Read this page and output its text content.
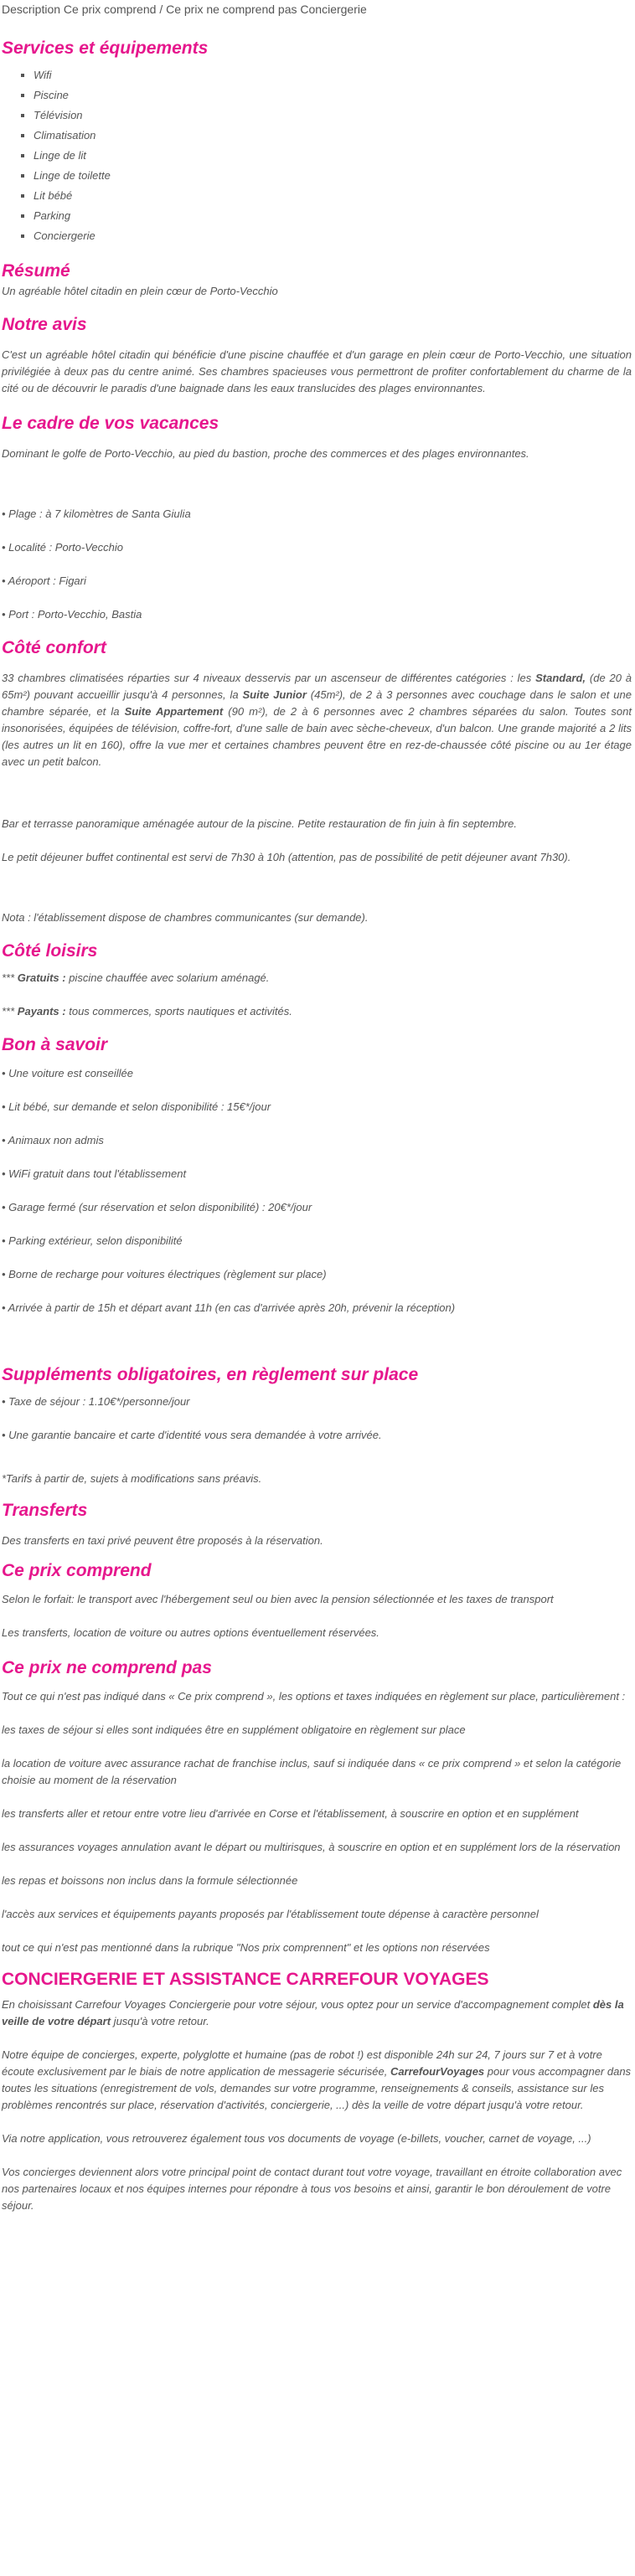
Description Ce prix comprend / Ce prix ne comprend pas Conciergerie
Services et équipements
▪ Wifi
▪ Piscine
▪ Télévision
▪ Climatisation
▪ Linge de lit
▪ Linge de toilette
▪ Lit bébé
▪ Parking
▪ Conciergerie
Résumé

Un agréable hôtel citadin en plein cœur de Porto-Vecchio

Notre avis

C'est un agréable hôtel citadin qui bénéficie d'une piscine chauffée et d'un garage en plein cœur de Porto-Vecchio, une situation privilégiée à deux pas du centre animé. Ses chambres spacieuses vous permettront de profiter confortablement du charme de la cité ou de découvrir le paradis d'une baignade dans les eaux translucides des plages environnantes.

Le cadre de vos vacances

Dominant le golfe de Porto-Vecchio, au pied du bastion, proche des commerces et des plages environnantes.

• Plage : à 7 kilomètres de Santa Giulia

• Localité : Porto-Vecchio

• Aéroport : Figari

• Port : Porto-Vecchio, Bastia

Côté confort

33 chambres climatisées réparties sur 4 niveaux desservis par un ascenseur de différentes catégories : les Standard, (de 20 à 65m²) pouvant accueillir jusqu'à 4 personnes, la Suite Junior (45m²), de 2 à 3 personnes avec couchage dans le salon et une chambre séparée, et la Suite Appartement (90 m²), de 2 à 6 personnes avec 2 chambres séparées du salon. Toutes sont insonorisées, équipées de télévision, coffre-fort, d'une salle de bain avec sèche-cheveux, d'un balcon. Une grande majorité a 2 lits (les autres un lit en 160), offre la vue mer et certaines chambres peuvent être en rez-de-chaussée côté piscine ou au 1er étage avec un petit balcon.

Bar et terrasse panoramique aménagée autour de la piscine. Petite restauration de fin juin à fin septembre.

Le petit déjeuner buffet continental est servi de 7h30 à 10h (attention, pas de possibilité de petit déjeuner avant 7h30).

Nota : l'établissement dispose de chambres communicantes (sur demande).

Côté loisirs

*** Gratuits : piscine chauffée avec solarium aménagé.

*** Payants : tous commerces, sports nautiques et activités.

Bon à savoir

• Une voiture est conseillée

• Lit bébé, sur demande et selon disponibilité : 15€*/jour

• Animaux non admis

• WiFi gratuit dans tout l'établissement

• Garage fermé (sur réservation et selon disponibilité) : 20€*/jour

• Parking extérieur, selon disponibilité

• Borne de recharge pour voitures électriques (règlement sur place)

• Arrivée à partir de 15h et départ avant 11h (en cas d'arrivée après 20h, prévenir la réception)

Suppléments obligatoires, en règlement sur place

• Taxe de séjour : 1.10€*/personne/jour

• Une garantie bancaire et carte d'identité vous sera demandée à votre arrivée.

*Tarifs à partir de, sujets à modifications sans préavis.

Transferts

Des transferts en taxi privé peuvent être proposés à la réservation.

Ce prix comprend

Selon le forfait: le transport avec l'hébergement seul ou bien avec la pension sélectionnée et les taxes de transport

Les transferts, location de voiture ou autres options éventuellement réservées.

Ce prix ne comprend pas

Tout ce qui n'est pas indiqué dans « Ce prix comprend », les options et taxes indiquées en règlement sur place, particulièrement :

les taxes de séjour si elles sont indiquées être en supplément obligatoire en règlement sur place

la location de voiture avec assurance rachat de franchise inclus, sauf si indiquée dans « ce prix comprend » et selon la catégorie choisie au moment de la réservation

les transferts aller et retour entre votre lieu d'arrivée en Corse et l'établissement, à souscrire en option et en supplément

les assurances voyages annulation avant le départ ou multirisques, à souscrire en option et en supplément lors de la réservation

les repas et boissons non inclus dans la formule sélectionnée

l'accès aux services et équipements payants proposés par l'établissement toute dépense à caractère personnel

tout ce qui n'est pas mentionné dans la rubrique "Nos prix comprennent" et les options non réservées

CONCIERGERIE ET ASSISTANCE CARREFOUR VOYAGES

En choisissant Carrefour Voyages Conciergerie pour votre séjour, vous optez pour un service d'accompagnement complet dès la veille de votre départ jusqu'à votre retour.

Notre équipe de concierges, experte, polyglotte et humaine (pas de robot !) est disponible 24h sur 24, 7 jours sur 7 et à votre écoute exclusivement par le biais de notre application de messagerie sécurisée, CarrefourVoyages pour vous accompagner dans toutes les situations (enregistrement de vols, demandes sur votre programme, renseignements & conseils, assistance sur les problèmes rencontrés sur place, réservation d'activités, conciergerie, ...) dès la veille de votre départ jusqu'à votre retour.

Via notre application, vous retrouverez également tous vos documents de voyage (e-billets, voucher, carnet de voyage, ...)

Vos concierges deviennent alors votre principal point de contact durant tout votre voyage, travaillant en étroite collaboration avec nos partenaires locaux et nos équipes internes pour répondre à tous vos besoins et ainsi, garantir le bon déroulement de votre séjour.
